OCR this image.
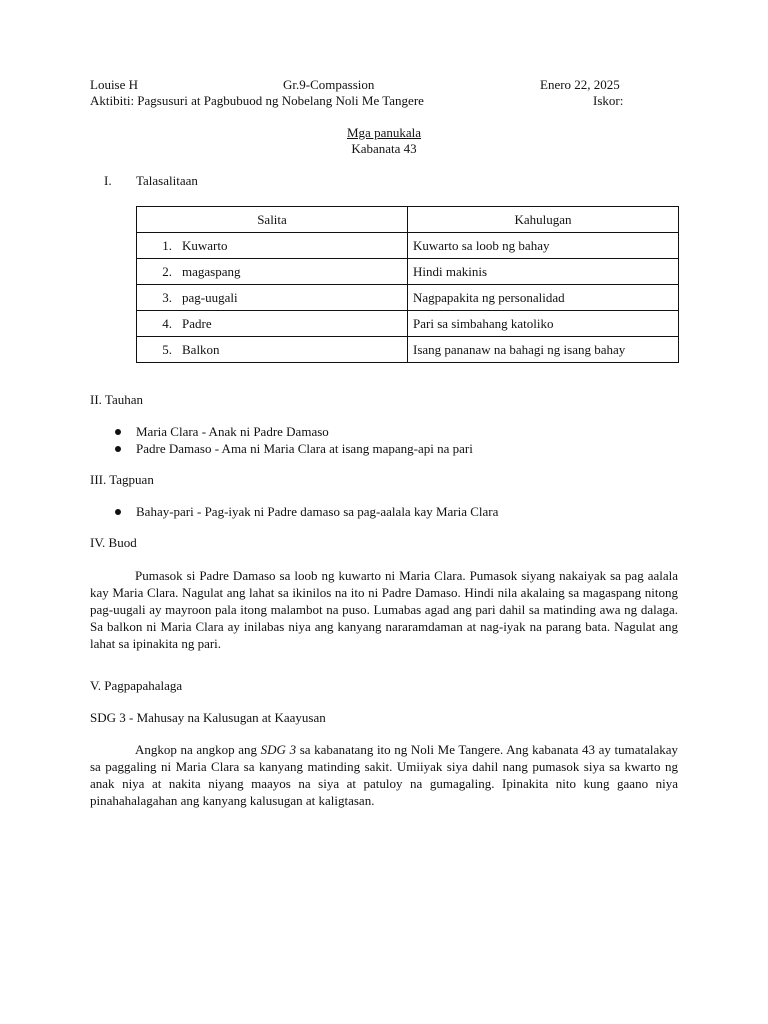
Louise H	Gr.9-Compassion	Enero 22, 2025
Aktibiti: Pagsusuri at Pagbubuod ng Nobelang Noli Me Tangere	Iskor:
Mga panukala
Kabanata 43
I. Talasalitaan
Salita	Kahulugan
1. Kuwarto	Kuwarto sa loob ng bahay
2. magaspang	Hindi makinis
3. pag-uugali	Nagpapakita ng personalidad
4. Padre	Pari sa simbahang katoliko
5. Balkon	Isang pananaw na bahagi ng isang bahay
II. Tauhan
Maria Clara - Anak ni Padre Damaso
Padre Damaso - Ama ni Maria Clara at isang mapang-api na pari
III. Tagpuan
Bahay-pari - Pag-iyak ni Padre damaso sa pag-aalala kay Maria Clara
IV. Buod
Pumasok si Padre Damaso sa loob ng kuwarto ni Maria Clara. Pumasok siyang nakaiyak sa pag aalala kay Maria Clara. Nagulat ang lahat sa ikinilos na ito ni Padre Damaso. Hindi nila akalaing sa magaspang nitong pag-uugali ay mayroon pala itong malambot na puso. Lumabas agad ang pari dahil sa matinding awa ng dalaga. Sa balkon ni Maria Clara ay inilabas niya ang kanyang nararamdaman at nag-iyak na parang bata. Nagulat ang lahat sa ipinakita ng pari.
V. Pagpapahalaga
SDG 3 - Mahusay na Kalusugan at Kaayusan
Angkop na angkop ang SDG 3 sa kabanatang ito ng Noli Me Tangere. Ang kabanata 43 ay tumatalakay sa paggaling ni Maria Clara sa kanyang matinding sakit. Umiiyak siya dahil nang pumasok siya sa kwarto ng anak niya at nakita niyang maayos na siya at patuloy na gumagaling. Ipinakita nito kung gaano niya pinahahalagahan ang kanyang kalusugan at kaligtasan.
